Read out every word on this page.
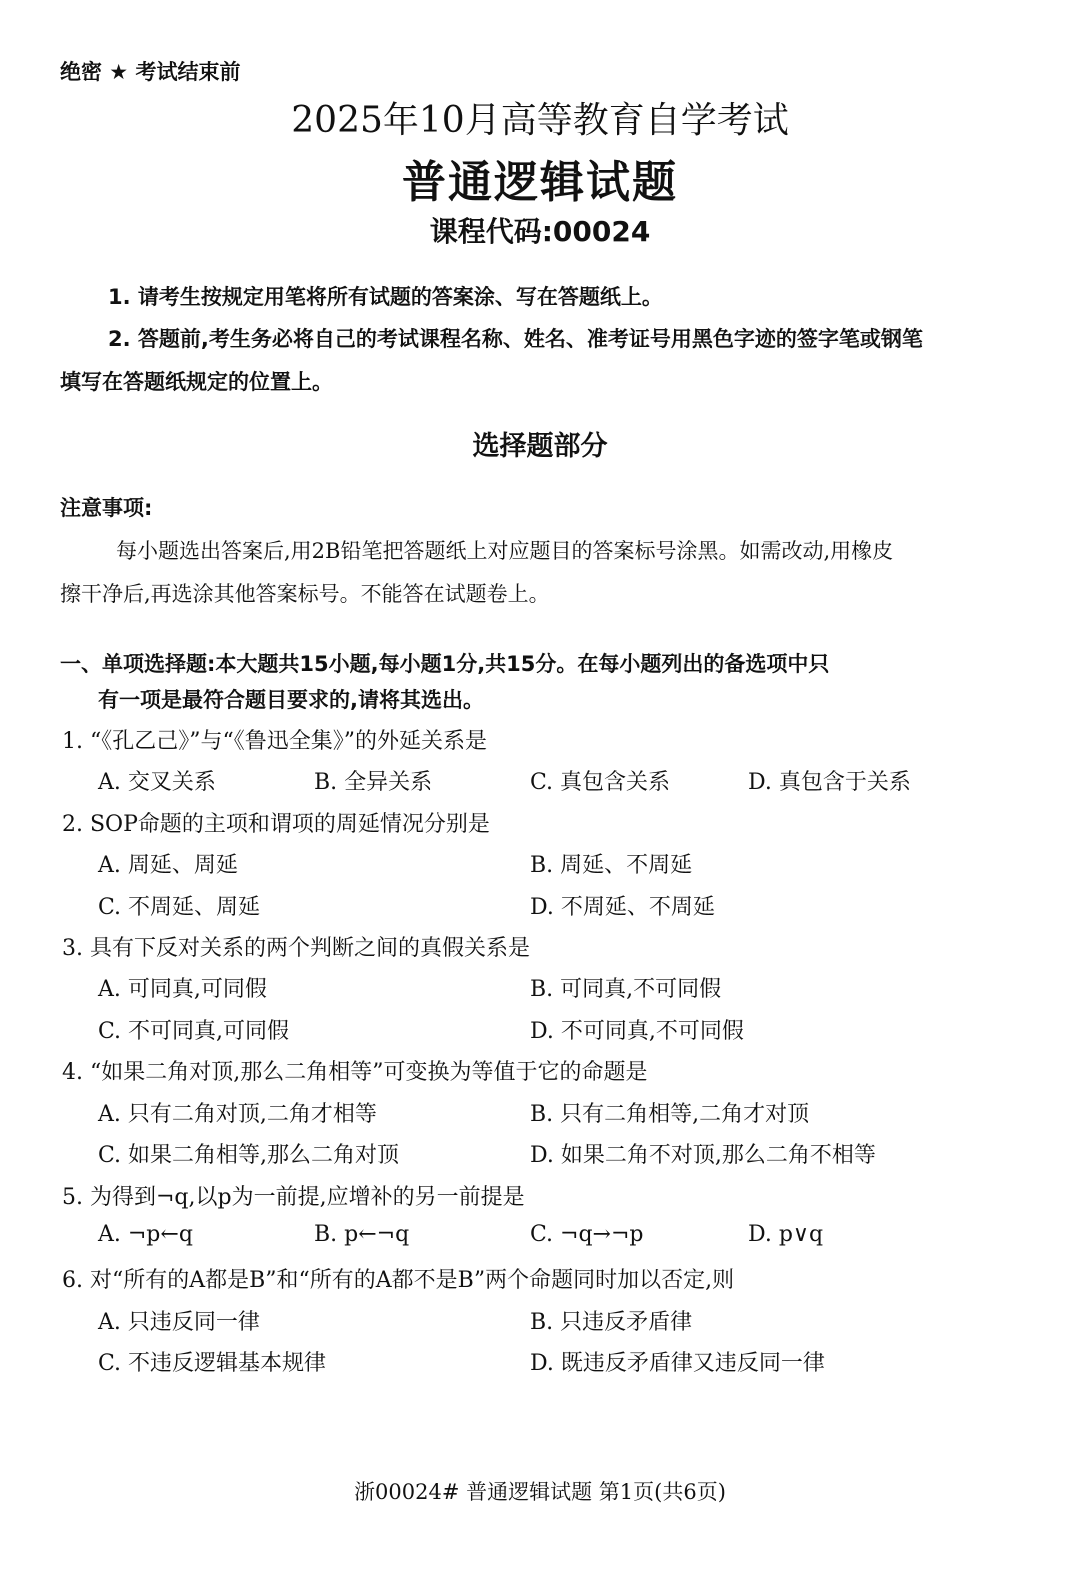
绝密 ★ 考试结束前
2025年10月高等教育自学考试
普通逻辑试题
课程代码:00024
1. 请考生按规定用笔将所有试题的答案涂、写在答题纸上。
2. 答题前,考生务必将自己的考试课程名称、姓名、准考证号用黑色字迹的签字笔或钢笔
填写在答题纸规定的位置上。
选择题部分
注意事项:
每小题选出答案后,用2B铅笔把答题纸上对应题目的答案标号涂黑。如需改动,用橡皮
擦干净后,再选涂其他答案标号。不能答在试题卷上。
一、单项选择题:本大题共15小题,每小题1分,共15分。在每小题列出的备选项中只
有一项是最符合题目要求的,请将其选出。
1. “《孔乙己》”与“《鲁迅全集》”的外延关系是
A. 交叉关系	B. 全异关系	C. 真包含关系	D. 真包含于关系
2. SOP命题的主项和谓项的周延情况分别是
A. 周延、周延	B. 周延、不周延
C. 不周延、周延	D. 不周延、不周延
3. 具有下反对关系的两个判断之间的真假关系是
A. 可同真,可同假	B. 可同真,不可同假
C. 不可同真,可同假	D. 不可同真,不可同假
4. “如果二角对顶,那么二角相等”可变换为等值于它的命题是
A. 只有二角对顶,二角才相等	B. 只有二角相等,二角才对顶
C. 如果二角相等,那么二角对顶	D. 如果二角不对顶,那么二角不相等
5. 为得到¬q,以p为一前提,应增补的另一前提是
A. ¬p←q	B. p←¬q	C. ¬q→¬p	D. p∨q
6. 对“所有的A都是B”和“所有的A都不是B”两个命题同时加以否定,则
A. 只违反同一律	B. 只违反矛盾律
C. 不违反逻辑基本规律	D. 既违反矛盾律又违反同一律
浙00024# 普通逻辑试题 第1页(共6页)
